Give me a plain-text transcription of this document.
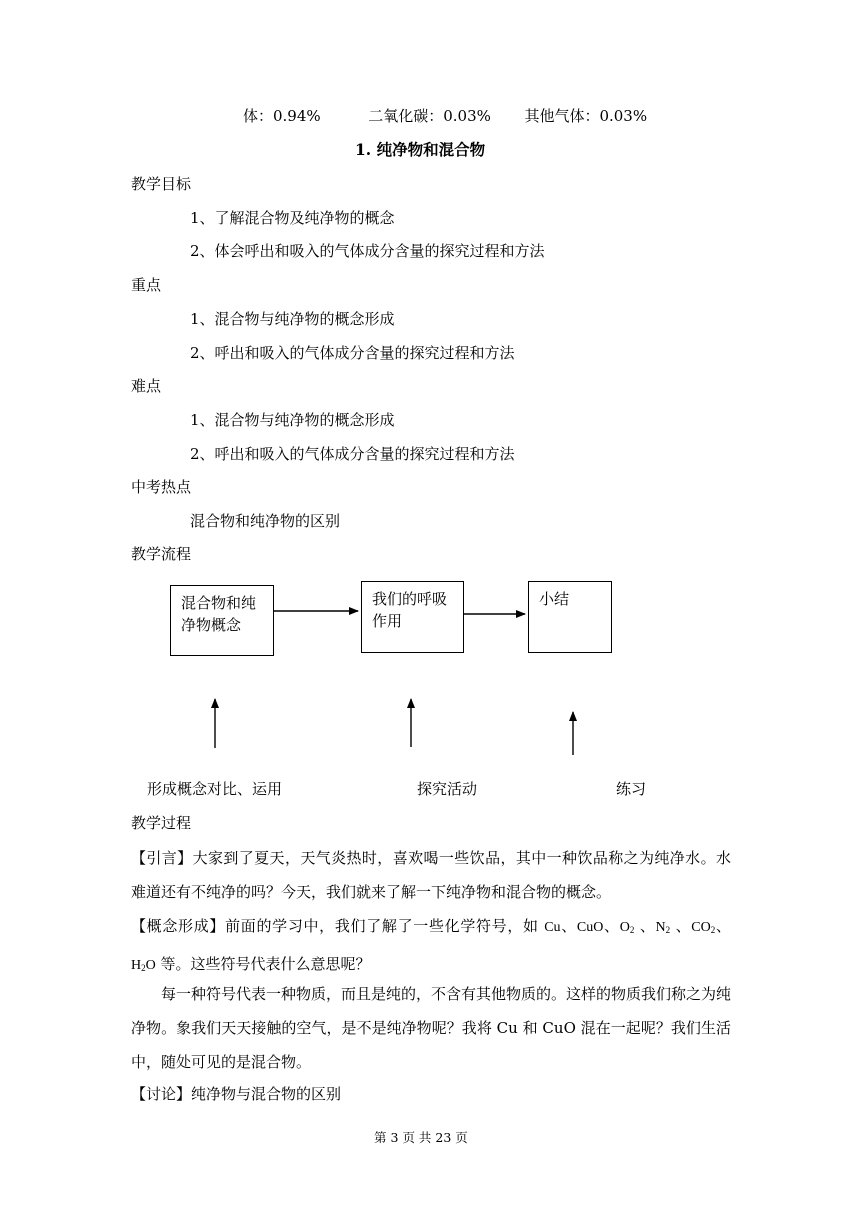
体：0.94%	二氧化碳：0.03% 其他气体：0.03%
1. 纯净物和混合物
教学目标
1、了解混合物及纯净物的概念
2、体会呼出和吸入的气体成分含量的探究过程和方法
重点
1、混合物与纯净物的概念形成
2、呼出和吸入的气体成分含量的探究过程和方法
难点
1、混合物与纯净物的概念形成
2、呼出和吸入的气体成分含量的探究过程和方法
中考热点
混合物和纯净物的区别
教学流程
混合物和纯净物概念
我们的呼吸作用
小结
形成概念对比、运用	探究活动	练习
教学过程
【引言】大家到了夏天，天气炎热时，喜欢喝一些饮品，其中一种饮品称之为纯净水。水难道还有不纯净的吗？今天，我们就来了解一下纯净物和混合物的概念。
【概念形成】前面的学习中，我们了解了一些化学符号，如 Cu、CuO、$O_2$ 、$N_2$ 、$CO_2$、$H_2O$ 等。这些符号代表什么意思呢？
每一种符号代表一种物质，而且是纯的，不含有其他物质的。这样的物质我们称之为纯净物。象我们天天接触的空气，是不是纯净物呢？我将 Cu 和 CuO 混在一起呢？我们生活中，随处可见的是混合物。
【讨论】纯净物与混合物的区别
第 3 页 共 23 页
